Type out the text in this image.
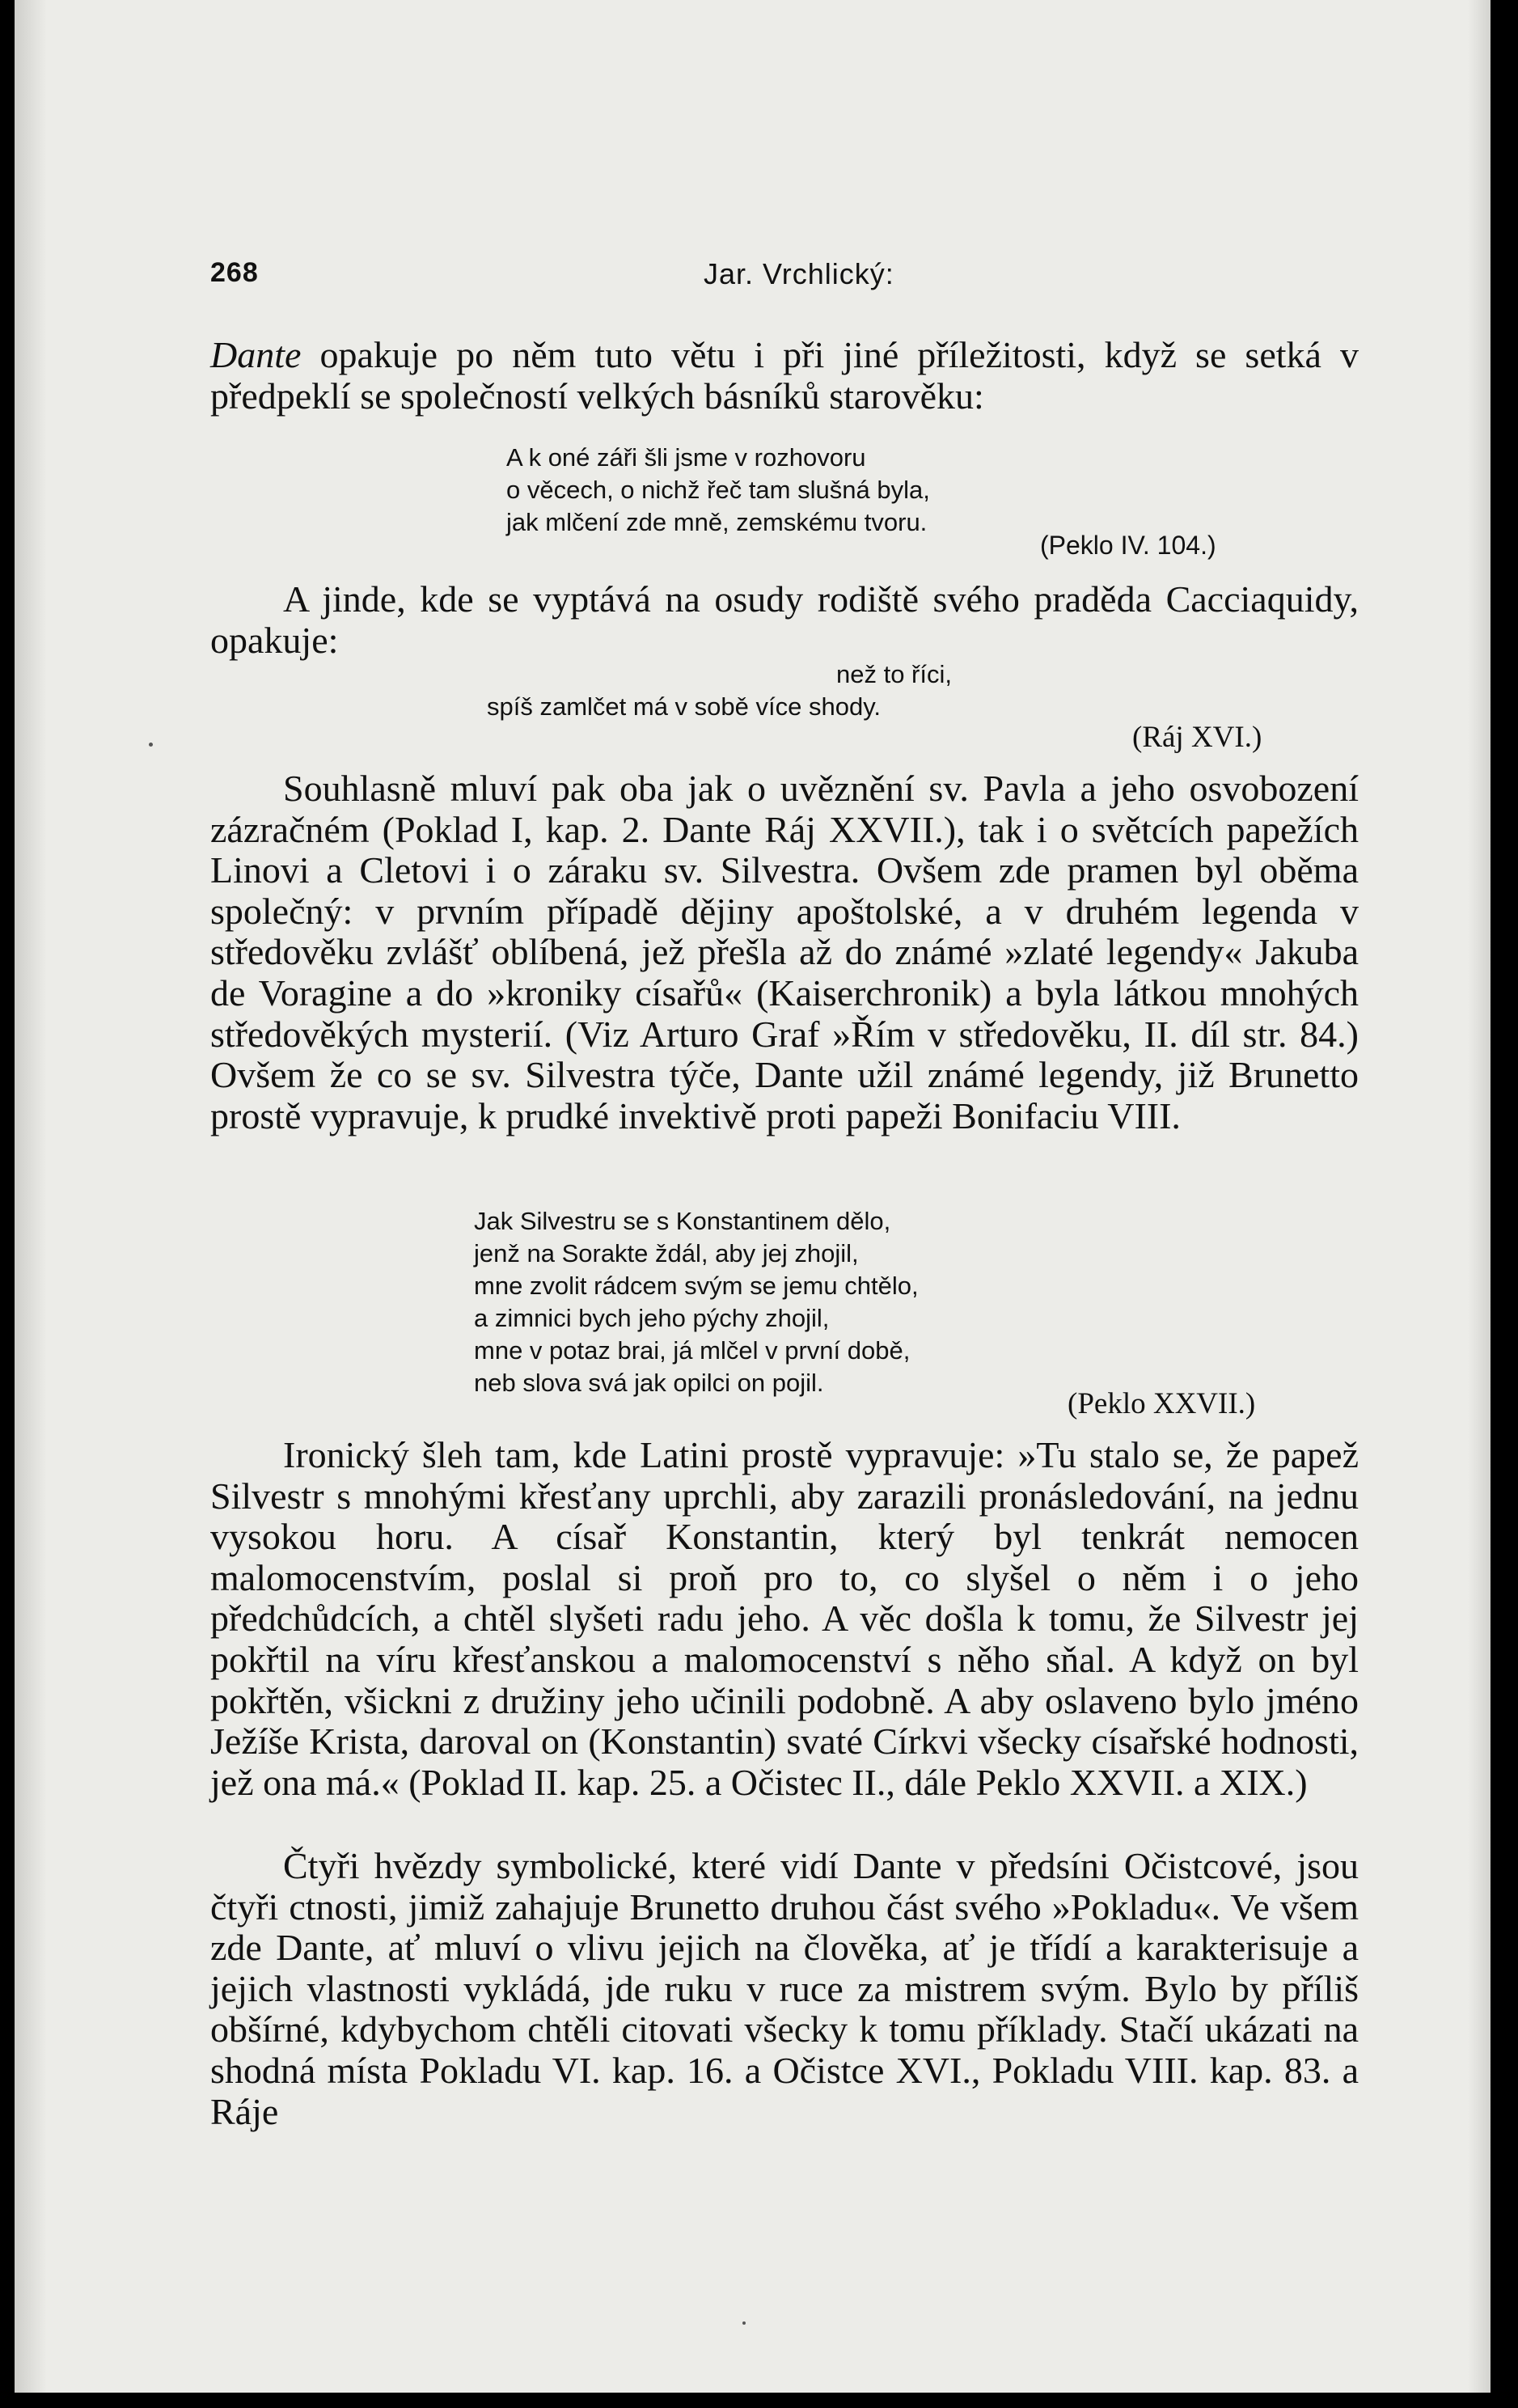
268	Jar. Vrchlický:

Dante opakuje po něm tuto větu i při jiné příležitosti, když se setká v předpeklí se společností velkých básníků starověku:

A k oné záři šli jsme v rozhovoru
o věcech, o nichž řeč tam slušná byla,
jak mlčení zde mně, zemskému tvoru.
(Peklo IV. 104.)

A jinde, kde se vyptává na osudy rodiště svého praděda Cacciaquidy, opakuje:

než to říci,
spíš zamlčet má v sobě více shody.
(Ráj XVI.)

Souhlasně mluví pak oba jak o uvěznění sv. Pavla a jeho osvobození zázračném (Poklad I, kap. 2. Dante Ráj XXVII.), tak i o světcích papežích Linovi a Cletovi i o záraku sv. Silvestra. Ovšem zde pramen byl oběma společný: v prvním případě dějiny apoštolské, a v druhém legenda v středověku zvlášť oblíbená, jež přešla až do známé »zlaté legendy« Jakuba de Voragine a do »kroniky císařů« (Kaiserchronik) a byla látkou mnohých středověkých mysterií. (Viz Arturo Graf »Řím v středověku, II. díl str. 84.) Ovšem že co se sv. Silvestra týče, Dante užil známé legendy, již Brunetto prostě vypravuje, k prudké invektivě proti papeži Bonifaciu VIII.

Jak Silvestru se s Konstantinem dělo,
jenž na Sorakte ždál, aby jej zhojil,
mne zvolit rádcem svým se jemu chtělo,
a zimnici bych jeho pýchy zhojil,
mne v potaz brai, já mlčel v první době,
neb slova svá jak opilci on pojil.
(Peklo XXVII.)

Ironický šleh tam, kde Latini prostě vypravuje: »Tu stalo se, že papež Silvestr s mnohými křesťany uprchli, aby zarazili pronásledování, na jednu vysokou horu. A císař Konstantin, který byl tenkrát nemocen malomocenstvím, poslal si proň pro to, co slyšel o něm i o jeho předchůdcích, a chtěl slyšeti radu jeho. A věc došla k tomu, že Silvestr jej pokřtil na víru křesťanskou a malomocenství s něho sňal. A když on byl pokřtěn, všickni z družiny jeho učinili podobně. A aby oslaveno bylo jméno Ježíše Krista, daroval on (Konstantin) svaté Církvi všecky císařské hodnosti, jež ona má.« (Poklad II. kap. 25. a Očistec II., dále Peklo XXVII. a XIX.)

Čtyři hvězdy symbolické, které vidí Dante v předsíni Očistcové, jsou čtyři ctnosti, jimiž zahajuje Brunetto druhou část svého »Pokladu«. Ve všem zde Dante, ať mluví o vlivu jejich na člověka, ať je třídí a karakterisuje a jejich vlastnosti vykládá, jde ruku v ruce za mistrem svým. Bylo by příliš obšírné, kdybychom chtěli citovati všecky k tomu příklady. Stačí ukázati na shodná místa Pokladu VI. kap. 16. a Očistce XVI., Pokladu VIII. kap. 83. a Ráje
